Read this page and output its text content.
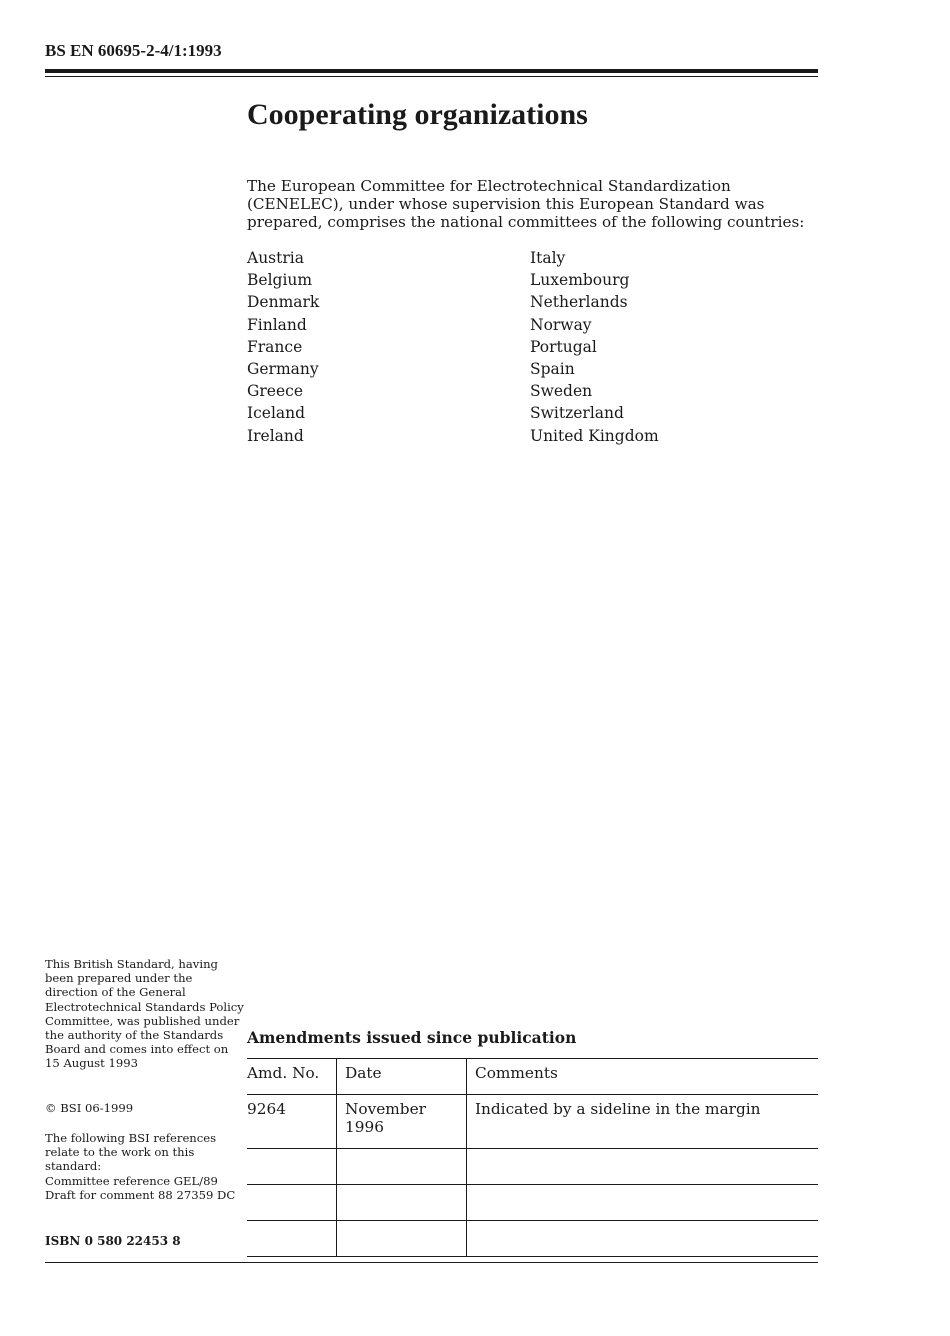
BS EN 60695-2-4/1:1993
Cooperating organizations
The European Committee for Electrotechnical Standardization (CENELEC), under whose supervision this European Standard was prepared, comprises the national committees of the following countries:
Austria	Italy
Belgium	Luxembourg
Denmark	Netherlands
Finland	Norway
France	Portugal
Germany	Spain
Greece	Sweden
Iceland	Switzerland
Ireland	United Kingdom

This British Standard, having been prepared under the direction of the General Electrotechnical Standards Policy Committee, was published under the authority of the Standards Board and comes into effect on 15 August 1993

© BSI 06-1999

The following BSI references relate to the work on this standard:

Committee reference GEL/89

Draft for comment 88 27359 DC

ISBN 0 580 22453 8
Amendments issued since publication
Amd. No.	Date	Comments
9264	November 1996	Indicated by a sideline in the margin
